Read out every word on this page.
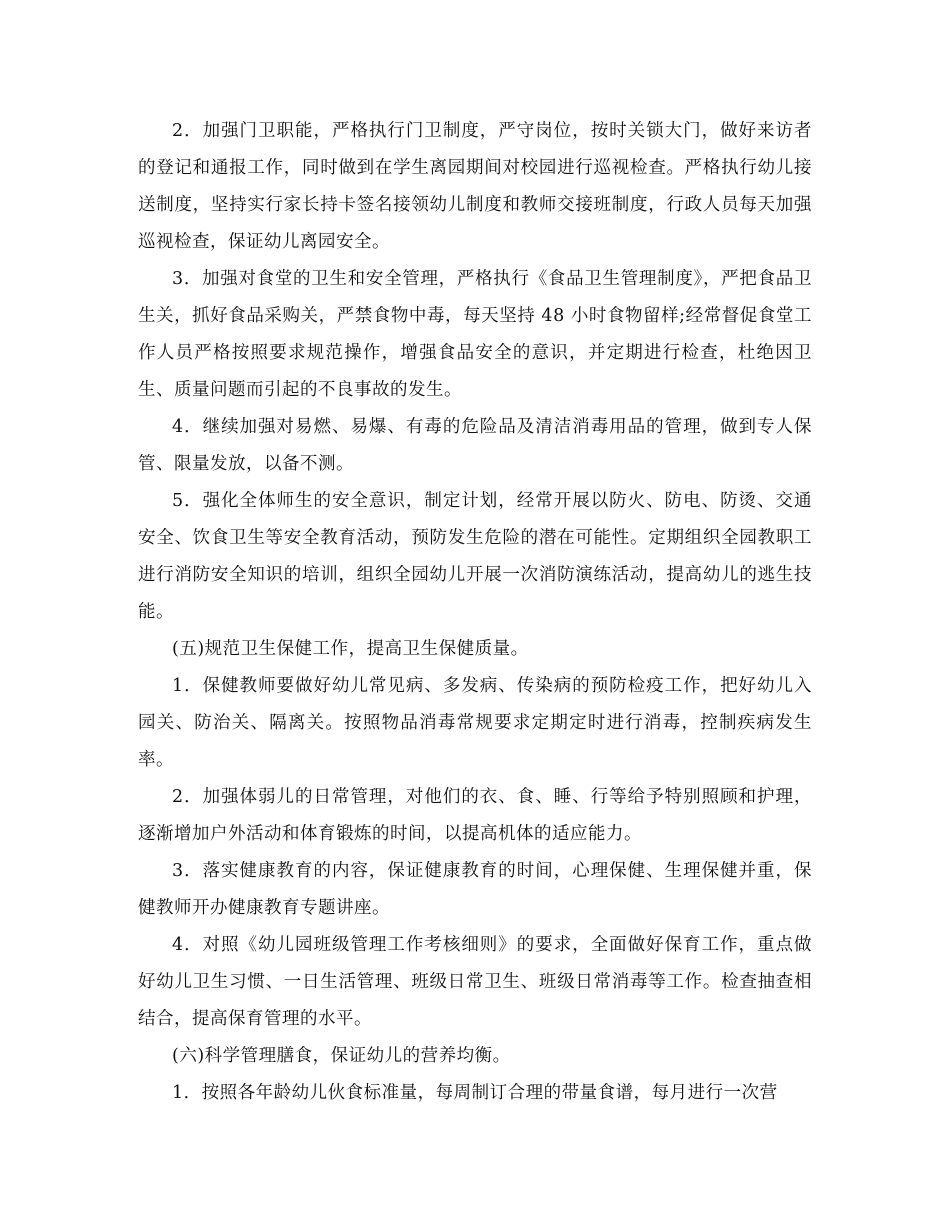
2．加强门卫职能，严格执行门卫制度，严守岗位，按时关锁大门，做好来访者的登记和通报工作，同时做到在学生离园期间对校园进行巡视检查。严格执行幼儿接送制度，坚持实行家长持卡签名接领幼儿制度和教师交接班制度，行政人员每天加强巡视检查，保证幼儿离园安全。

3．加强对食堂的卫生和安全管理，严格执行《食品卫生管理制度》，严把食品卫生关，抓好食品采购关，严禁食物中毒，每天坚持 48 小时食物留样;经常督促食堂工作人员严格按照要求规范操作，增强食品安全的意识，并定期进行检查，杜绝因卫生、质量问题而引起的不良事故的发生。

4．继续加强对易燃、易爆、有毒的危险品及清洁消毒用品的管理，做到专人保管、限量发放，以备不测。

5．强化全体师生的安全意识，制定计划，经常开展以防火、防电、防烫、交通安全、饮食卫生等安全教育活动，预防发生危险的潜在可能性。定期组织全园教职工进行消防安全知识的培训，组织全园幼儿开展一次消防演练活动，提高幼儿的逃生技能。

(五)规范卫生保健工作，提高卫生保健质量。

1．保健教师要做好幼儿常见病、多发病、传染病的预防检疫工作，把好幼儿入园关、防治关、隔离关。按照物品消毒常规要求定期定时进行消毒，控制疾病发生率。

2．加强体弱儿的日常管理，对他们的衣、食、睡、行等给予特别照顾和护理，逐渐增加户外活动和体育锻炼的时间，以提高机体的适应能力。

3．落实健康教育的内容，保证健康教育的时间，心理保健、生理保健并重，保健教师开办健康教育专题讲座。

4．对照《幼儿园班级管理工作考核细则》的要求，全面做好保育工作，重点做好幼儿卫生习惯、一日生活管理、班级日常卫生、班级日常消毒等工作。检查抽查相结合，提高保育管理的水平。

(六)科学管理膳食，保证幼儿的营养均衡。

1．按照各年龄幼儿伙食标准量，每周制订合理的带量食谱，每月进行一次营
